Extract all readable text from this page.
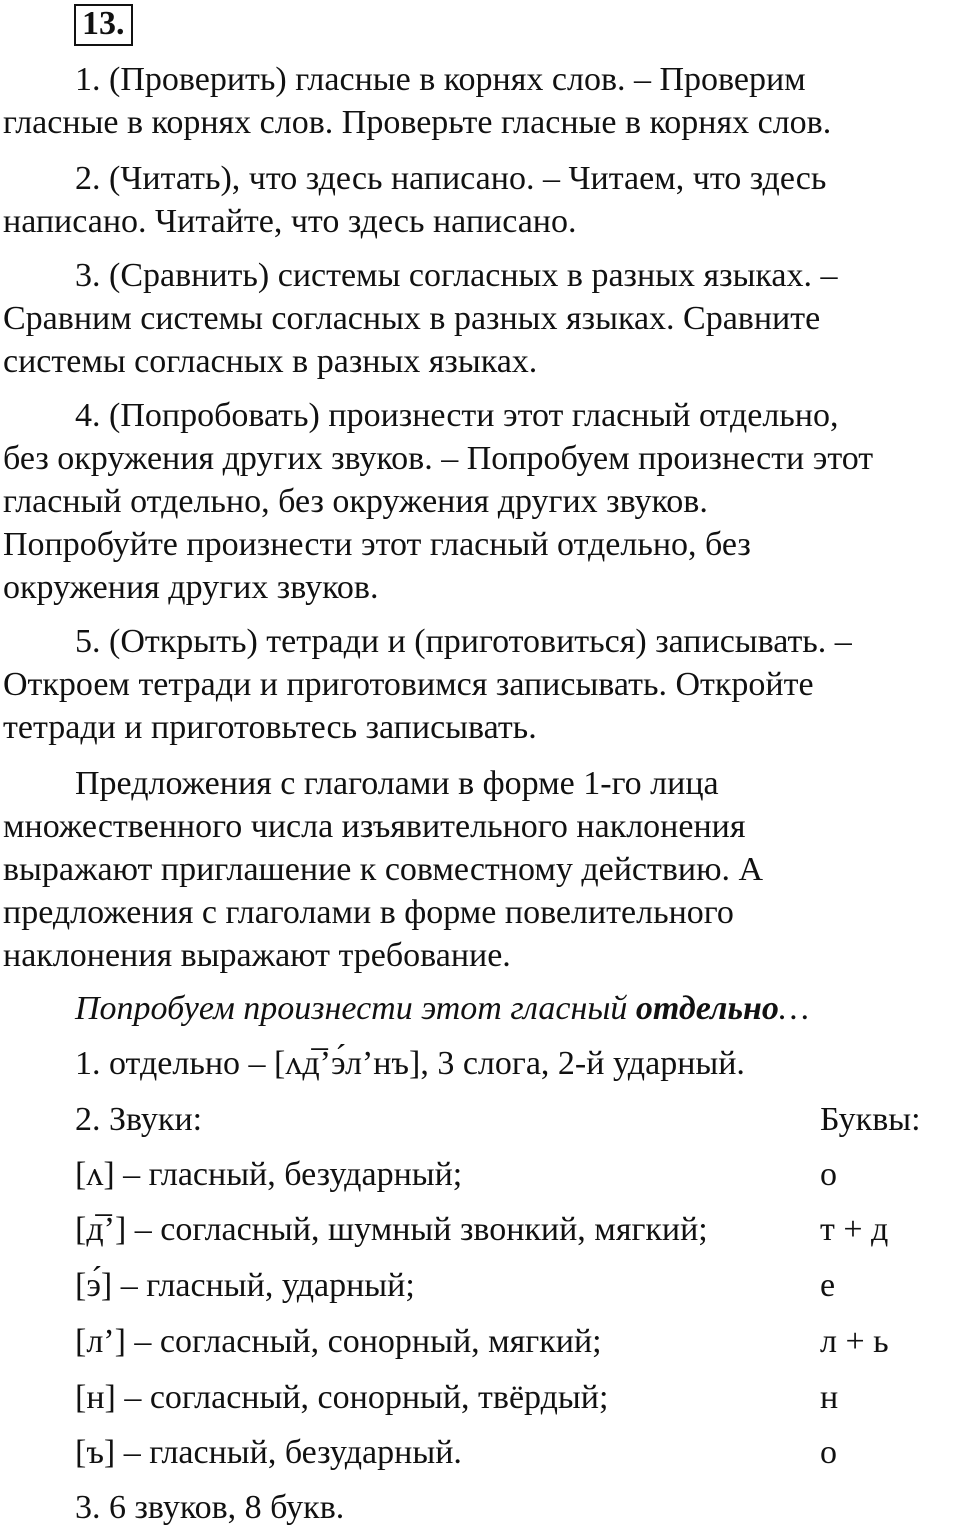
13.
1. (Проверить) гласные в корнях слов. – Проверим
гласные в корнях слов. Проверьте гласные в корнях слов.
2. (Читать), что здесь написано. – Читаем, что здесь
написано. Читайте, что здесь написано.
3. (Сравнить) системы согласных в разных языках. –
Сравним системы согласных в разных языках. Сравните
системы согласных в разных языках.
4. (Попробовать) произнести этот гласный отдельно,
без окружения других звуков. – Попробуем произнести этот
гласный отдельно, без окружения других звуков.
Попробуйте произнести этот гласный отдельно, без
окружения других звуков.
5. (Открыть) тетради и (приготовиться) записывать. –
Откроем тетради и приготовимся записывать. Откройте
тетради и приготовьтесь записывать.
Предложения с глаголами в форме 1-го лица
множественного числа изъявительного наклонения
выражают приглашение к совместному действию. А
предложения с глаголами в форме повелительного
наклонения выражают требование.
Попробуем произнести этот гласный отдельно…
1. отдельно – [ʌд̅’э́л’нъ], 3 слога, 2-й ударный.
2. Звуки:	Буквы:
[ʌ] – гласный, безударный;	о
[д̅’] – согласный, шумный звонкий, мягкий;	т + д
[э́] – гласный, ударный;	е
[л’] – согласный, сонорный, мягкий;	л + ь
[н] – согласный, сонорный, твёрдый;	н
[ъ] – гласный, безударный.	о
3. 6 звуков, 8 букв.
